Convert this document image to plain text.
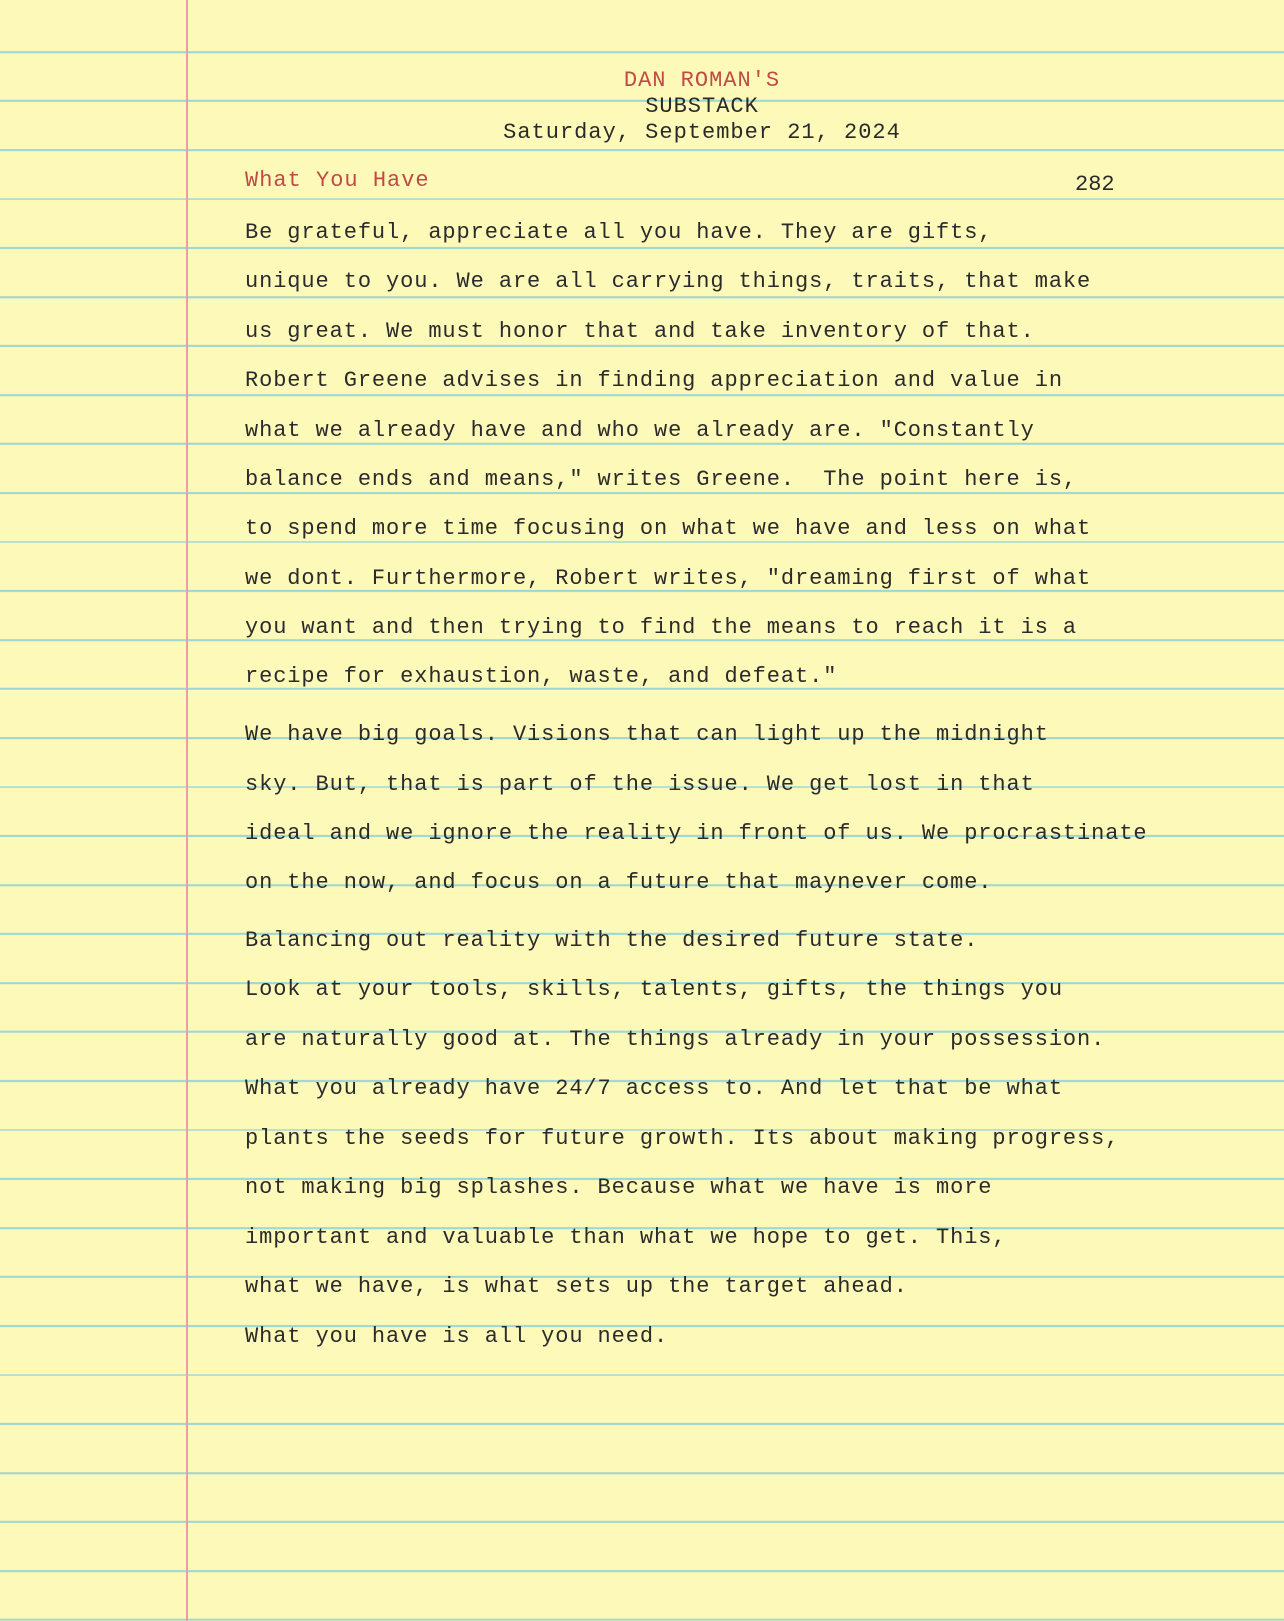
DAN ROMAN'S
SUBSTACK
Saturday, September 21, 2024
What You Have	282
Be grateful, appreciate all you have. They are gifts,
unique to you. We are all carrying things, traits, that make
us great. We must honor that and take inventory of that.
Robert Greene advises in finding appreciation and value in
what we already have and who we already are. "Constantly
balance ends and means," writes Greene.  The point here is,
to spend more time focusing on what we have and less on what
we dont. Furthermore, Robert writes, "dreaming first of what
you want and then trying to find the means to reach it is a
recipe for exhaustion, waste, and defeat."
We have big goals. Visions that can light up the midnight
sky. But, that is part of the issue. We get lost in that
ideal and we ignore the reality in front of us. We procrastinate
on the now, and focus on a future that maynever come.
Balancing out reality with the desired future state.
Look at your tools, skills, talents, gifts, the things you
are naturally good at. The things already in your possession.
What you already have 24/7 access to. And let that be what
plants the seeds for future growth. Its about making progress,
not making big splashes. Because what we have is more
important and valuable than what we hope to get. This,
what we have, is what sets up the target ahead.
What you have is all you need.
